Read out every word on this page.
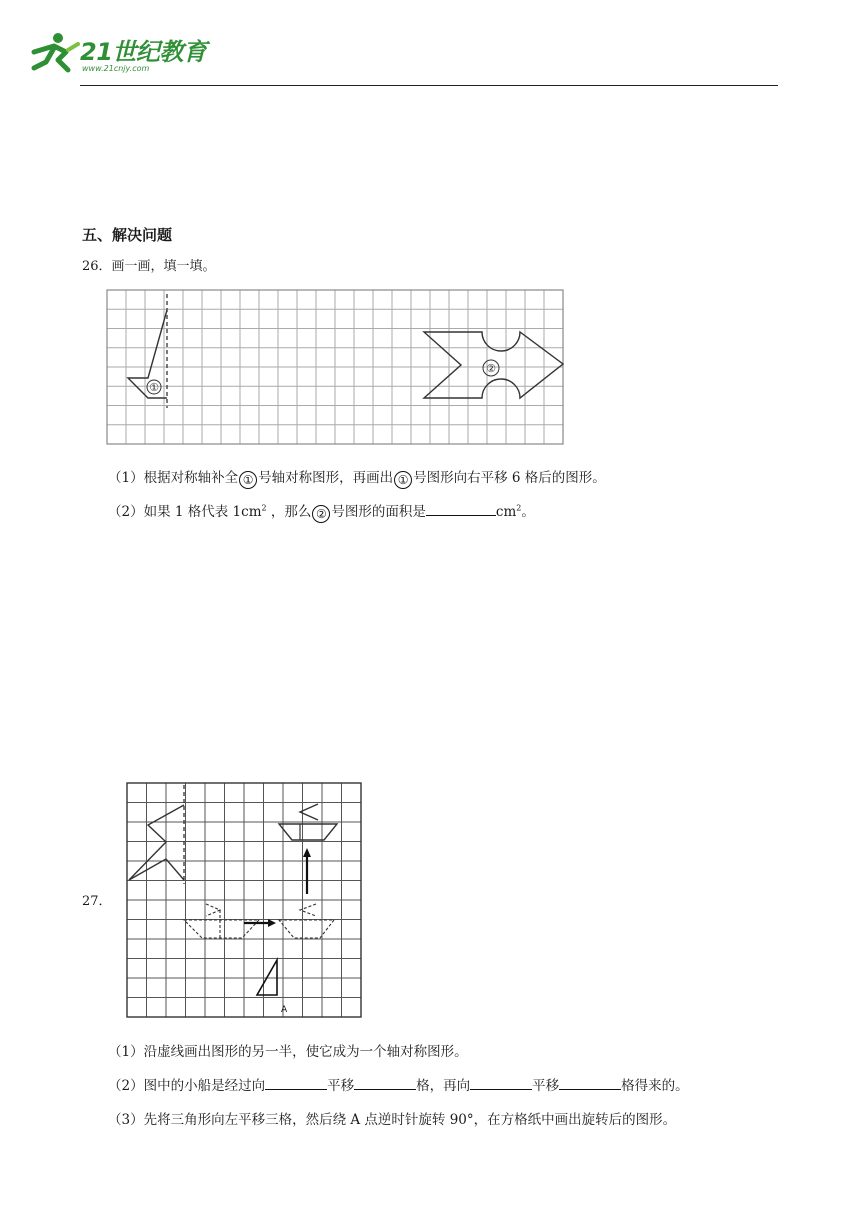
21世纪教育
www.21cnjy.com
五、解决问题
26．画一画，填一填。
①
②
（1）根据对称轴补全 ① 号轴对称图形，再画出 ① 号图形向右平移 6 格后的图形。
（2）如果 1 格代表 $1cm^2$ ，那么 ② 号图形的面积是	$cm^2$。
27．
A
（1）沿虚线画出图形的另一半，使它成为一个轴对称图形。
（2）图中的小船是经过向	平移	格，再向	平移	格得来的。
（3）先将三角形向左平移三格，然后绕 A 点逆时针旋转 90°，在方格纸中画出旋转后的图形。
